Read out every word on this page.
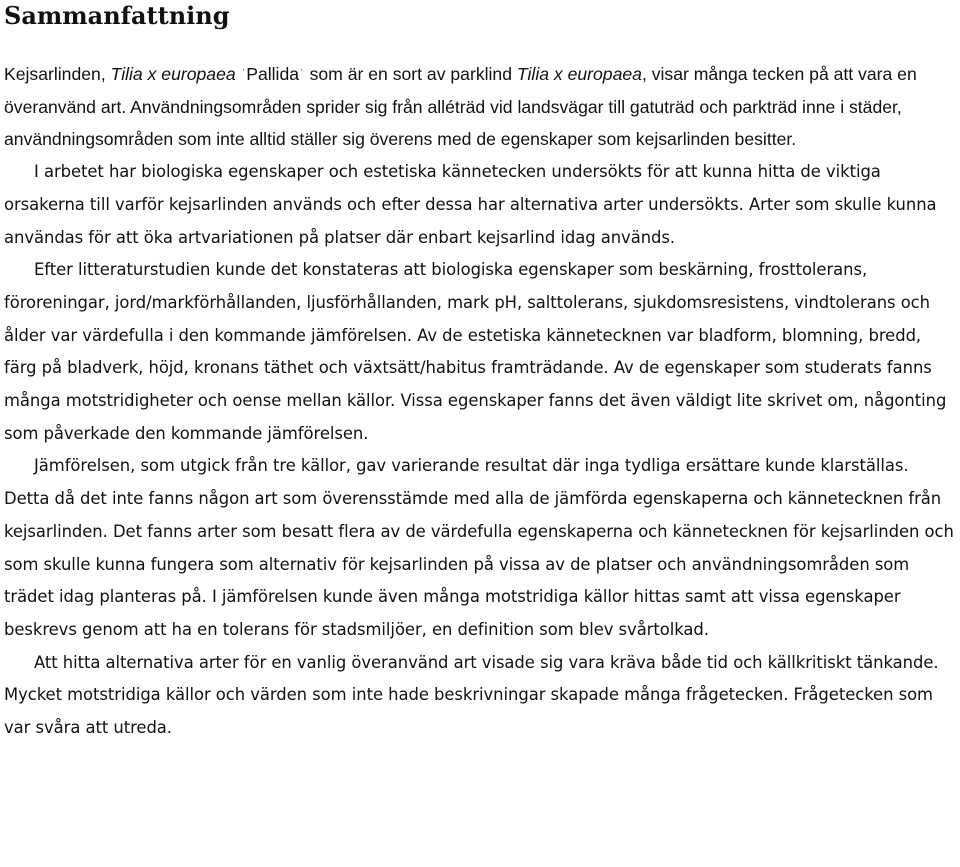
Sammanfattning

Kejsarlinden, Tilia x europaea ˈPallidaˈ som är en sort av parklind Tilia x europaea, visar många tecken på att vara en överanvänd art. Användningsområden sprider sig från alléträd vid landsvägar till gatuträd och parkträd inne i städer, användningsområden som inte alltid ställer sig överens med de egenskaper som kejsarlinden besitter.

I arbetet har biologiska egenskaper och estetiska kännetecken undersökts för att kunna hitta de viktiga orsakerna till varför kejsarlinden används och efter dessa har alternativa arter undersökts. Arter som skulle kunna användas för att öka artvariationen på platser där enbart kejsarlind idag används.

Efter litteraturstudien kunde det konstateras att biologiska egenskaper som beskärning, frosttolerans, föroreningar, jord/markförhållanden, ljusförhållanden, mark pH, salttolerans, sjukdomsresistens, vindtolerans och ålder var värdefulla i den kommande jämförelsen. Av de estetiska kännetecknen var bladform, blomning, bredd, färg på bladverk, höjd, kronans täthet och växtsätt/habitus framträdande. Av de egenskaper som studerats fanns många motstridigheter och oense mellan källor. Vissa egenskaper fanns det även väldigt lite skrivet om, någonting som påverkade den kommande jämförelsen.

Jämförelsen, som utgick från tre källor, gav varierande resultat där inga tydliga ersättare kunde klarställas. Detta då det inte fanns någon art som överensstämde med alla de jämförda egenskaperna och kännetecknen från kejsarlinden. Det fanns arter som besatt flera av de värdefulla egenskaperna och kännetecknen för kejsarlinden och som skulle kunna fungera som alternativ för kejsarlinden på vissa av de platser och användningsområden som trädet idag planteras på. I jämförelsen kunde även många motstridiga källor hittas samt att vissa egenskaper beskrevs genom att ha en tolerans för stadsmiljöer, en definition som blev svårtolkad.

Att hitta alternativa arter för en vanlig överanvänd art visade sig vara kräva både tid och källkritiskt tänkande. Mycket motstridiga källor och värden som inte hade beskrivningar skapade många frågetecken. Frågetecken som var svåra att utreda.
